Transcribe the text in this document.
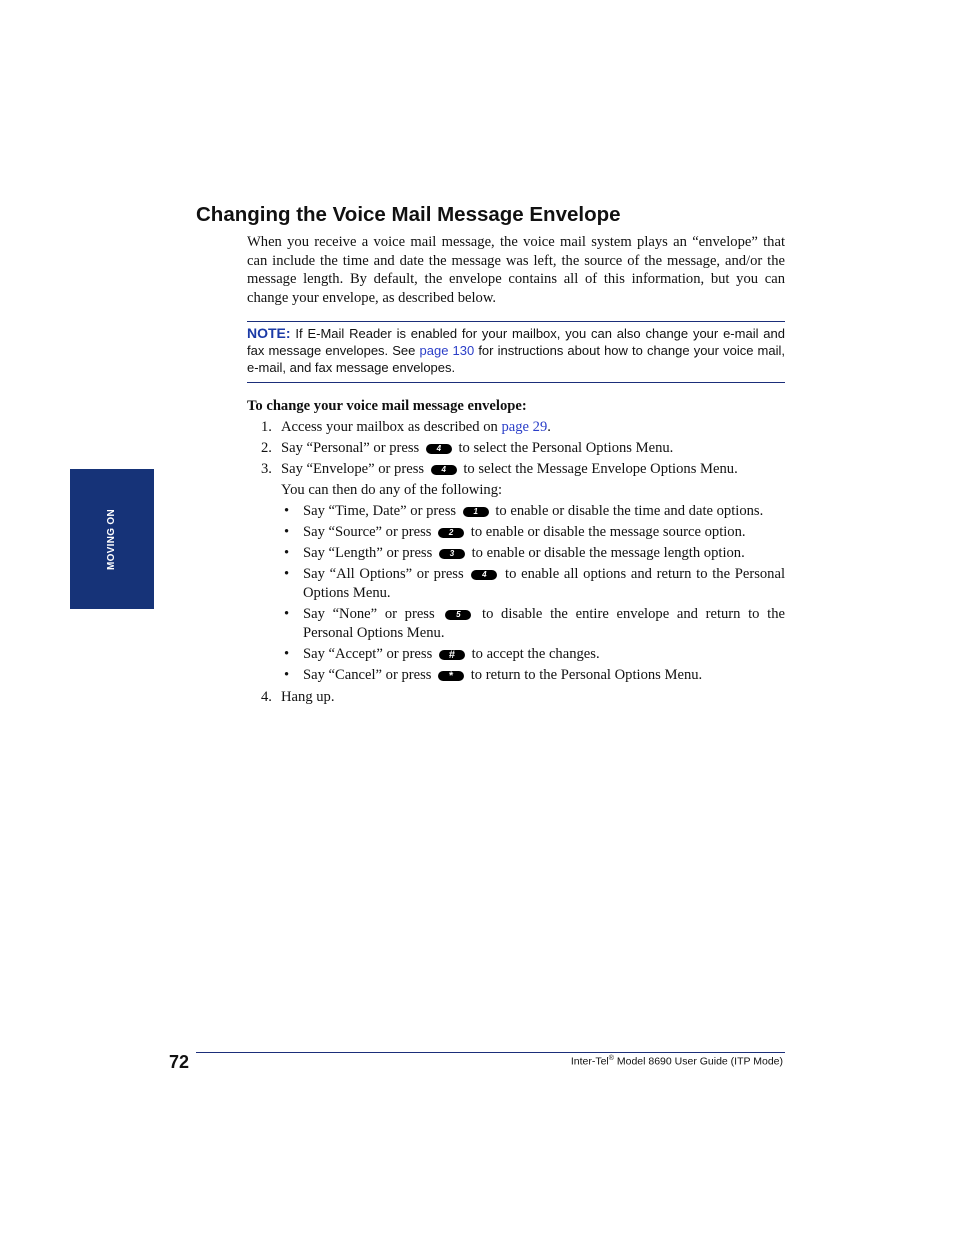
MOVING ON
Changing the Voice Mail Message Envelope

When you receive a voice mail message, the voice mail system plays an “envelope” that can include the time and date the message was left, the source of the message, and/or the message length. By default, the envelope contains all of this information, but you can change your envelope, as described below.

NOTE: If E-Mail Reader is enabled for your mailbox, you can also change your e-mail and fax message envelopes. See page 130 for instructions about how to change your voice mail, e-mail, and fax message envelopes.

To change your voice mail message envelope:

1. Access your mailbox as described on page 29.
2. Say “Personal” or press 4 to select the Personal Options Menu.
3. Say “Envelope” or press 4 to select the Message Envelope Options Menu.
You can then do any of the following:
• Say “Time, Date” or press 1 to enable or disable the time and date options.
• Say “Source” or press 2 to enable or disable the message source option.
• Say “Length” or press 3 to enable or disable the message length option.
• Say “All Options” or press 4 to enable all options and return to the Personal Options Menu.
• Say “None” or press 5 to disable the entire envelope and return to the Personal Options Menu.
• Say “Accept” or press # to accept the changes.
• Say “Cancel” or press * to return to the Personal Options Menu.
4. Hang up.
72	Inter-Tel® Model 8690 User Guide (ITP Mode)
